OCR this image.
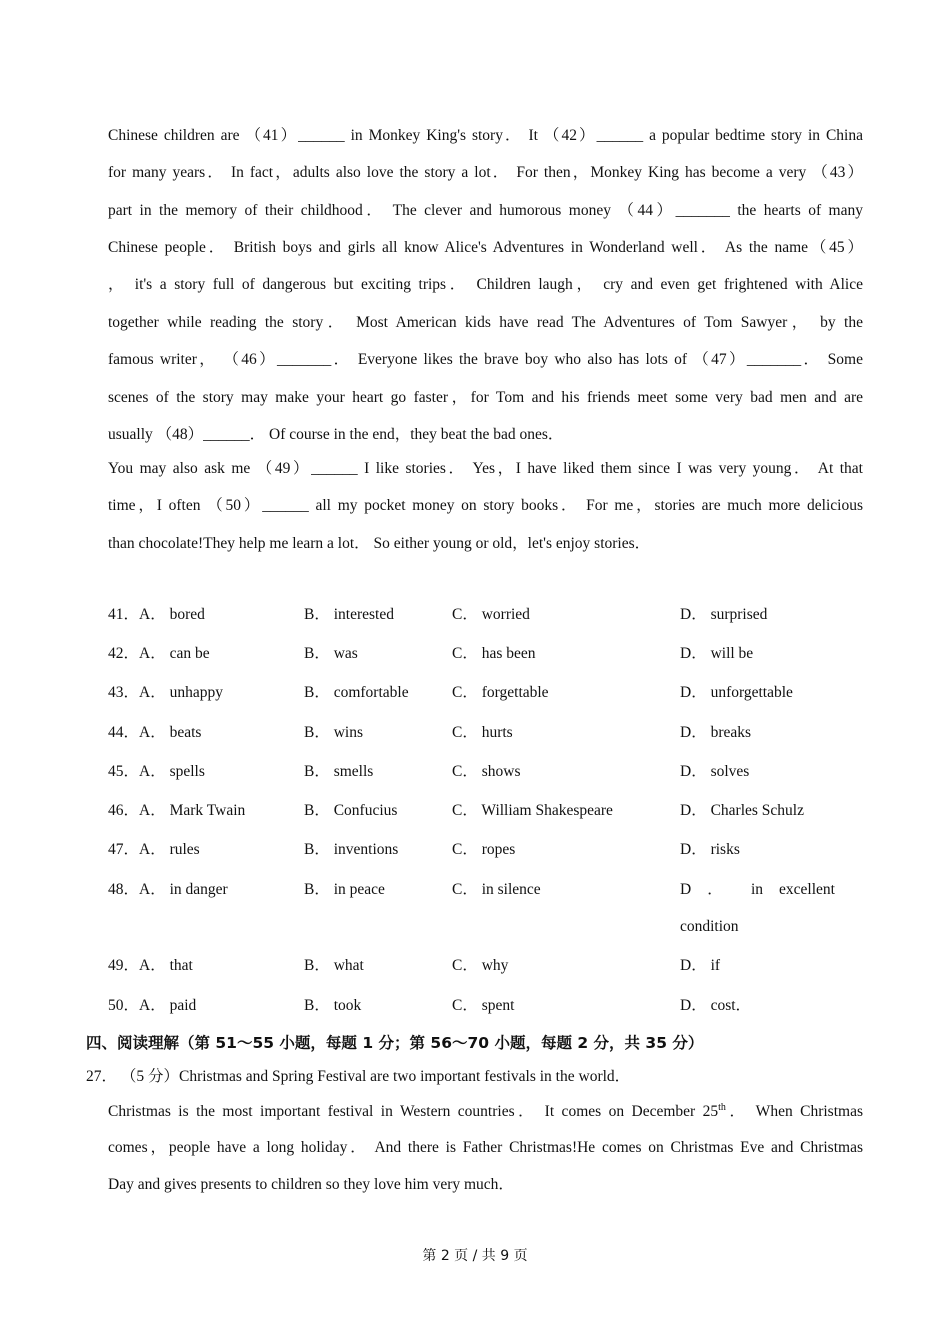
Chinese children are （41）______ in Monkey King's story． It （42）______ a popular bedtime story in China
for many years． In fact，adults also love the story a lot． For then，Monkey King has become a very （43）
part in the memory of their childhood． The clever and humorous money （44）_______ the hearts of many
Chinese people． British boys and girls all know Alice's Adventures in Wonderland well． As the name（45）
， it's a story full of dangerous but exciting trips． Children laugh， cry and even get frightened with Alice
together while reading the story． Most American kids have read The Adventures of Tom Sawyer， by the
famous writer， （46）_______． Everyone likes the brave boy who also has lots of （47）_______． Some
scenes of the story may make your heart go faster，for Tom and his friends meet some very bad men and are
usually （48）______． Of course in the end，they beat the bad ones．
You may also ask me （49）______ I like stories． Yes，I have liked them since I was very young． At that
time，I often （50）______ all my pocket money on story books． For me，stories are much more delicious
than chocolate!They help me learn a lot． So either young or old，let's enjoy stories．
41．A． bored	B． interested	C． worried	D． surprised
42．A． can be	B． was	C． has been	D． will be
43．A． unhappy	B． comfortable	C． forgettable	D． unforgettable
44．A． beats	B． wins	C． hurts	D． breaks
45．A． spells	B． smells	C． shows	D． solves
46．A． Mark Twain	B． Confucius	C． William Shakespeare	D． Charles Schulz
47．A． rules	B． inventions	C． ropes	D． risks
48．A． in danger	B． in peace	C． in silence	D ． in excellent
condition
49．A． that	B． what	C． why	D． if
50．A． paid	B． took	C． spent	D． cost．
四、阅读理解（第 51～55 小题，每题 1 分；第 56～70 小题，每题 2 分，共 35 分）
27． （5 分）Christmas and Spring Festival are two important festivals in the world．
Christmas is the most important festival in Western countries． It comes on December 25th． When Christmas
comes，people have a long holiday． And there is Father Christmas!He comes on Christmas Eve and Christmas
Day and gives presents to children so they love him very much．
第 2 页 / 共 9 页
